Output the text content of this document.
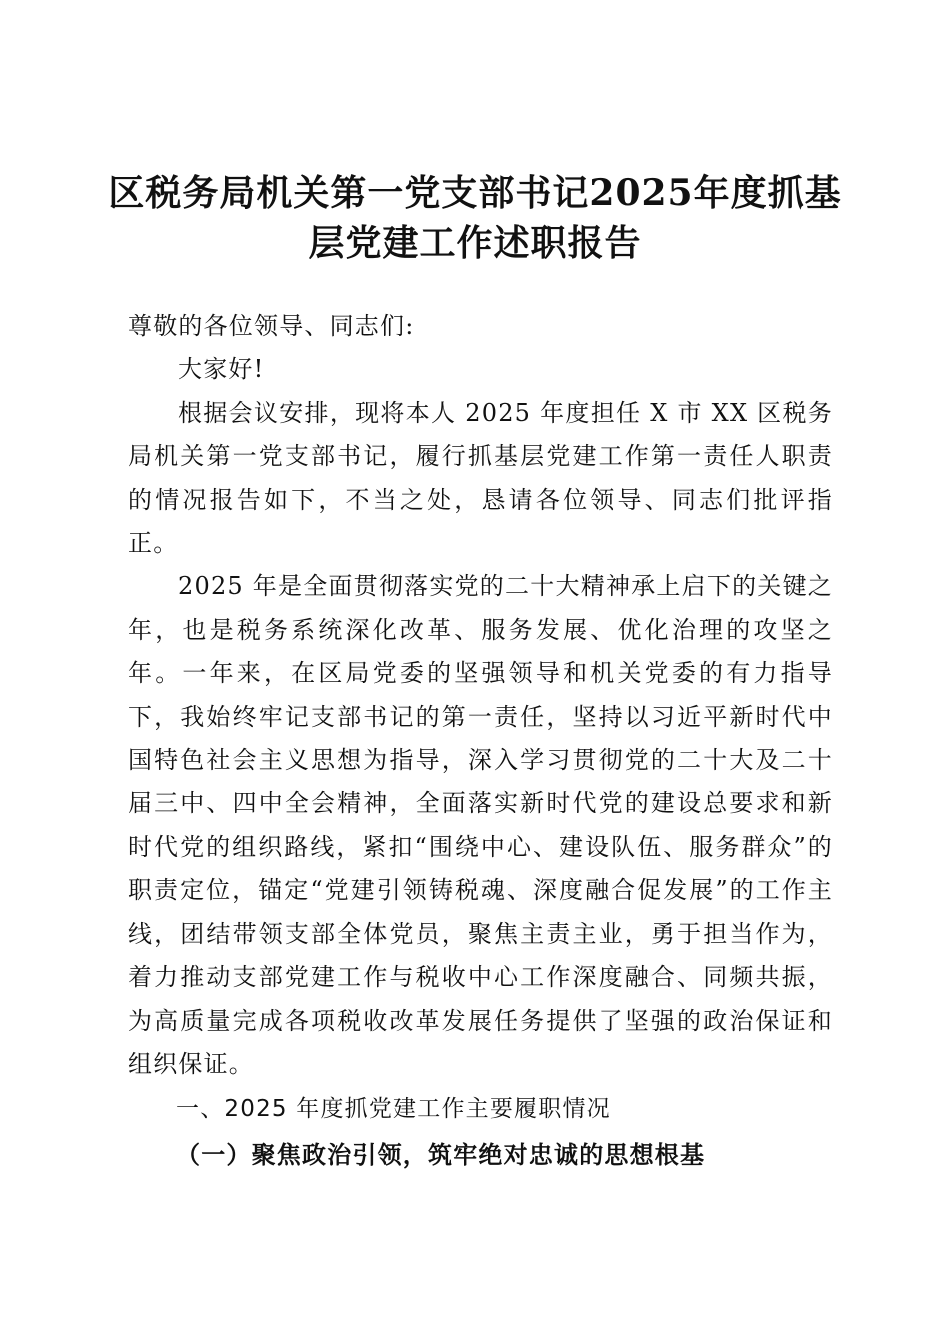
区税务局机关第一党支部书记2025年度抓基
层党建工作述职报告

尊敬的各位领导、同志们:

大家好!

根据会议安排，现将本人 2025 年度担任 X 市 XX 区税务局机关第一党支部书记，履行抓基层党建工作第一责任人职责的情况报告如下，不当之处，恳请各位领导、同志们批评指正。

2025 年是全面贯彻落实党的二十大精神承上启下的关键之年，也是税务系统深化改革、服务发展、优化治理的攻坚之年。一年来，在区局党委的坚强领导和机关党委的有力指导下，我始终牢记支部书记的第一责任，坚持以习近平新时代中国特色社会主义思想为指导，深入学习贯彻党的二十大及二十届三中、四中全会精神，全面落实新时代党的建设总要求和新时代党的组织路线，紧扣“围绕中心、建设队伍、服务群众”的职责定位，锚定“党建引领铸税魂、深度融合促发展”的工作主线，团结带领支部全体党员，聚焦主责主业，勇于担当作为，着力推动支部党建工作与税收中心工作深度融合、同频共振，为高质量完成各项税收改革发展任务提供了坚强的政治保证和组织保证。

一、2025 年度抓党建工作主要履职情况

（一）聚焦政治引领，筑牢绝对忠诚的思想根基
